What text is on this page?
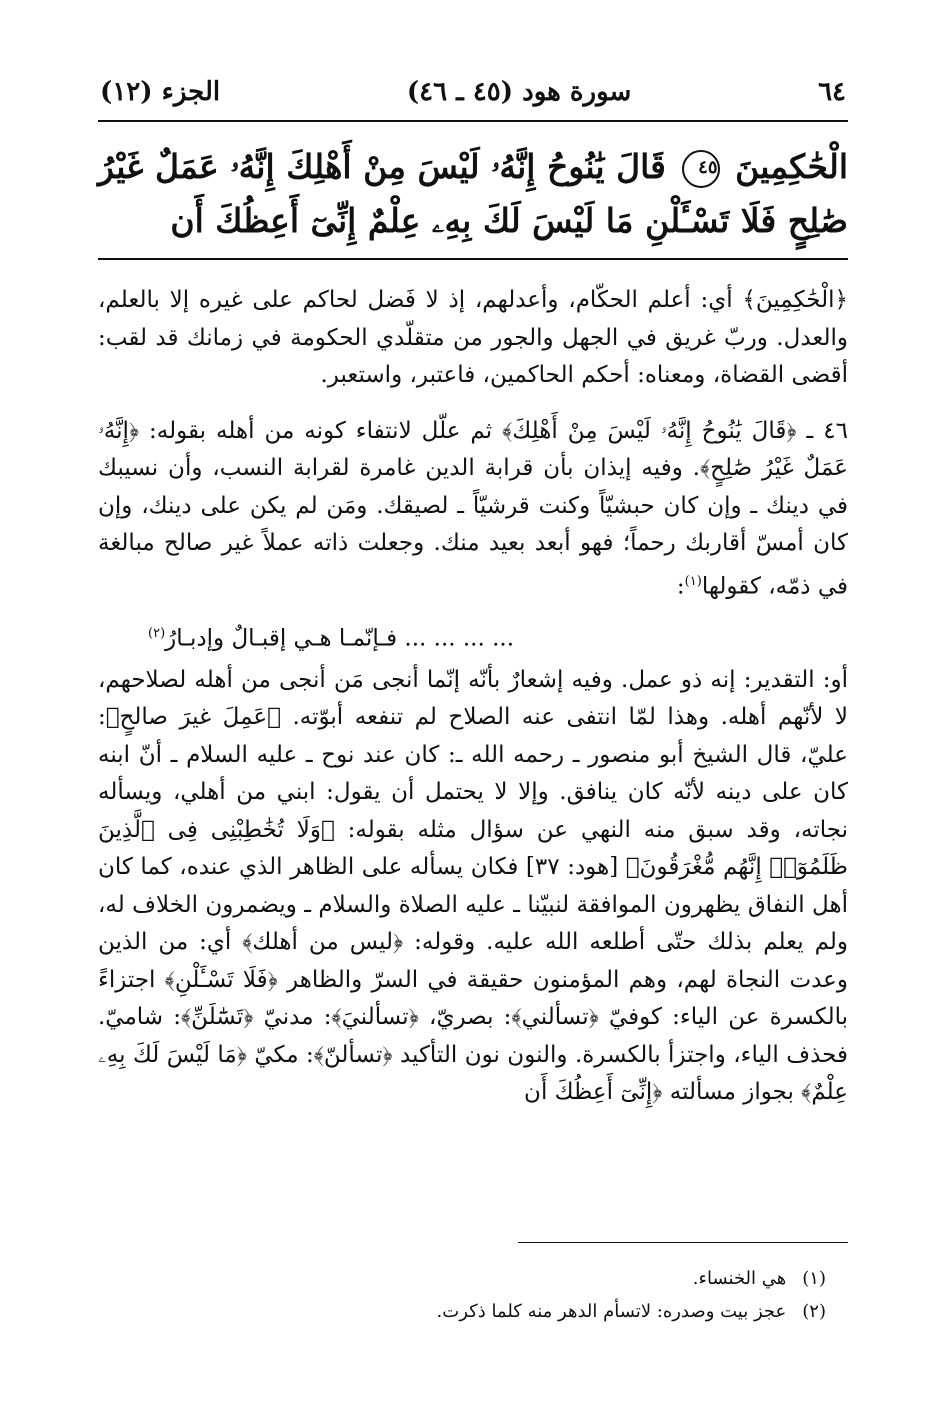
٦٤
سورة هود (٤٥ ـ ٤٦)
الجزء (١٢)
الْحَٰكِمِينَ ٤٥ قَالَ يَٰنُوحُ إِنَّهُۥ لَيْسَ مِنْ أَهْلِكَ إِنَّهُۥ عَمَلٌ غَيْرُ صَٰلِحٍ فَلَا تَسْـَٔلْنِ مَا لَيْسَ لَكَ بِهِۦ عِلْمٌ إِنِّىٓ أَعِظُكَ أَن

﴿الْحَٰكِمِينَ﴾ أي: أعلم الحكّام، وأعدلهم، إذ لا فَضل لحاكم على غيره إلا بالعلم، والعدل. وربّ غريق في الجهل والجور من متقلّدي الحكومة في زمانك قد لقب: أقضى القضاة، ومعناه: أحكم الحاكمين، فاعتبر، واستعبر.

٤٦ ـ ﴿قَالَ يَٰنُوحُ إِنَّهُۥ لَيْسَ مِنْ أَهْلِكَ﴾ ثم علّل لانتفاء كونه من أهله بقوله: ﴿إِنَّهُۥ عَمَلٌ غَيْرُ صَٰلِحٍ﴾. وفيه إيذان بأن قرابة الدين غامرة لقرابة النسب، وأن نسيبك في دينك ـ وإن كان حبشيّاً وكنت قرشيّاً ـ لصيقك. ومَن لم يكن على دينك، وإن كان أمسّ أقاربك رحماً؛ فهو أبعد بعيد منك. وجعلت ذاته عملاً غير صالح مبالغة في ذمّه، كقولها$^{(١)}$:

... ... ... ... فـإنّمـا هـي إقبـالٌ وإدبـارُ$^{(٢)}$

أو: التقدير: إنه ذو عمل. وفيه إشعارٌ بأنّه إنّما أنجى مَن أنجى من أهله لصلاحهم، لا لأنّهم أهله. وهذا لمّا انتفى عنه الصلاح لم تنفعه أبوّته. ﴿عَمِلَ غيرَ صالحٍ﴾: عليّ، قال الشيخ أبو منصور ـ رحمه الله ـ: كان عند نوح ـ عليه السلام ـ أنّ ابنه كان على دينه لأنّه كان ينافق. وإلا لا يحتمل أن يقول: ابني من أهلي، ويسأله نجاته، وقد سبق منه النهي عن سؤال مثله بقوله: ﴿وَلَا تُخَٰطِبْنِى فِى ٱلَّذِينَ ظَلَمُوٓا۟ إِنَّهُم مُّغْرَقُونَ﴾ [هود: ٣٧] فكان يسأله على الظاهر الذي عنده، كما كان أهل النفاق يظهرون الموافقة لنبيّنا ـ عليه الصلاة والسلام ـ ويضمرون الخلاف له، ولم يعلم بذلك حتّى أطلعه الله عليه. وقوله: ﴿ليس من أهلك﴾ أي: من الذين وعدت النجاة لهم، وهم المؤمنون حقيقة في السرّ والظاهر ﴿فَلَا تَسْـَٔلْنِ﴾ اجتزاءً بالكسرة عن الياء: كوفيّ ﴿تسألني﴾: بصريّ، ﴿تسألنيَ﴾: مدنيّ ﴿تَسَٰٓلَنِّ﴾: شاميّ. فحذف الياء، واجتزأ بالكسرة. والنون نون التأكيد ﴿تسألنّ﴾: مكيّ ﴿مَا لَيْسَ لَكَ بِهِۦ عِلْمٌ﴾ بجواز مسألته ﴿إِنِّىٓ أَعِظُكَ أَن

(١) هي الخنساء.

(٢) عجز بيت وصدره: لاتسأم الدهر منه كلما ذكرت.
